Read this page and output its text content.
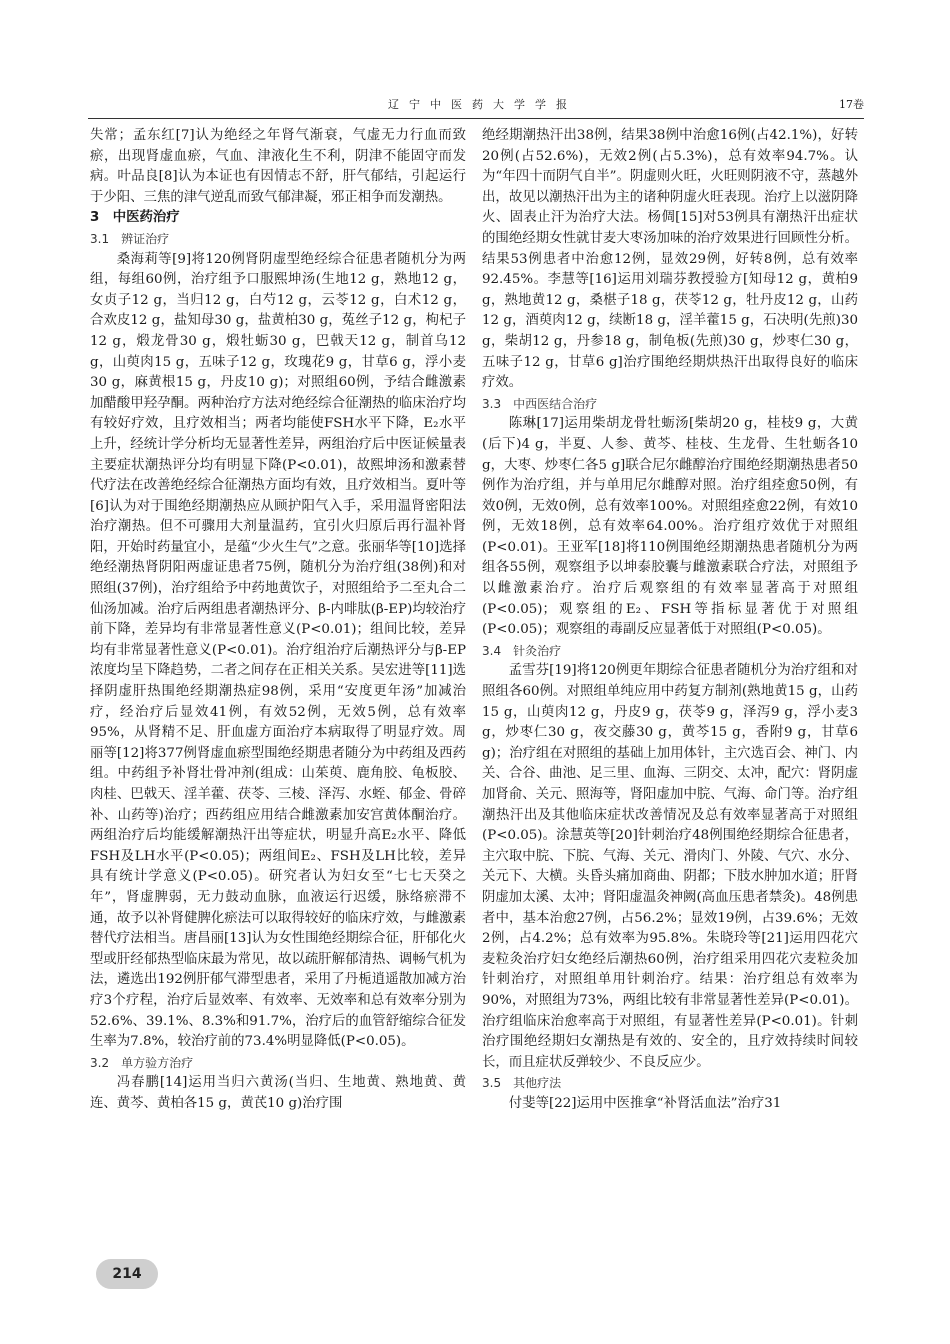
辽宁中医药大学学报	17卷

失常；孟东红[7]认为绝经之年肾气渐衰，气虚无力行血而致瘀，出现肾虚血瘀，气血、津液化生不利，阴津不能固守而发病。叶品良[8]认为本证也有因情志不舒，肝气郁结，引起运行于少阳、三焦的津气逆乱而致气郁津凝，邪正相争而发潮热。

3　中医药治疗

3.1　辨证治疗

桑海莉等[9]将120例肾阴虚型绝经综合征患者随机分为两组，每组60例，治疗组予口服熙坤汤(生地12 g，熟地12 g，女贞子12 g，当归12 g，白芍12 g，云苓12 g，白术12 g，合欢皮12 g，盐知母30 g，盐黄柏30 g，菟丝子12 g，枸杞子12 g，煅龙骨30 g，煅牡蛎30 g，巴戟天12 g，制首乌12 g，山萸肉15 g，五味子12 g，玫瑰花9 g，甘草6 g，浮小麦30 g，麻黄根15 g，丹皮10 g)；对照组60例，予结合雌激素加醋酸甲羟孕酮。两种治疗方法对绝经综合征潮热的临床治疗均有较好疗效，且疗效相当；两者均能使FSH水平下降，E₂水平上升，经统计学分析均无显著性差异，两组治疗后中医证候量表主要症状潮热评分均有明显下降(P<0.01)，故熙坤汤和激素替代疗法在改善绝经综合征潮热方面均有效，且疗效相当。夏叶等[6]认为对于围绝经期潮热应从顾护阳气入手，采用温肾密阳法治疗潮热。但不可骤用大剂量温药，宜引火归原后再行温补肾阳，开始时药量宜小，是蕴“少火生气”之意。张丽华等[10]选择绝经潮热肾阴阳两虚证患者75例，随机分为治疗组(38例)和对照组(37例)，治疗组给予中药地黄饮子，对照组给予二至丸合二仙汤加减。治疗后两组患者潮热评分、β-内啡肽(β-EP)均较治疗前下降，差异均有非常显著性意义(P<0.01)；组间比较，差异均有非常显著性意义(P<0.01)。治疗组治疗后潮热评分与β-EP浓度均呈下降趋势，二者之间存在正相关关系。吴宏进等[11]选择阴虚肝热围绝经期潮热症98例，采用“安度更年汤”加减治疗，经治疗后显效41例，有效52例，无效5例，总有效率95%，从肾精不足、肝血虚方面治疗本病取得了明显疗效。周丽等[12]将377例肾虚血瘀型围绝经期患者随分为中药组及西药组。中药组予补肾壮骨冲剂(组成：山茱萸、鹿角胶、龟板胶、肉桂、巴戟天、淫羊藿、茯苓、三棱、泽泻、水蛭、郁金、骨碎补、山药等)治疗；西药组应用结合雌激素加安宫黄体酮治疗。两组治疗后均能缓解潮热汗出等症状，明显升高E₂水平、降低FSH及LH水平(P<0.05)；两组间E₂、FSH及LH比较，差异具有统计学意义(P<0.05)。研究者认为妇女至“七七天癸之年”，肾虚脾弱，无力鼓动血脉，血液运行迟缓，脉络瘀滞不通，故予以补肾健脾化瘀法可以取得较好的临床疗效，与雌激素替代疗法相当。唐昌丽[13]认为女性围绝经期综合征，肝郁化火型或肝经郁热型临床最为常见，故以疏肝解郁清热、调畅气机为法，遴选出192例肝郁气滞型患者，采用了丹栀逍遥散加减方治疗3个疗程，治疗后显效率、有效率、无效率和总有效率分别为52.6%、39.1%、8.3%和91.7%，治疗后的血管舒缩综合征发生率为7.8%，较治疗前的73.4%明显降低(P<0.05)。

3.2　单方验方治疗

冯春鹏[14]运用当归六黄汤(当归、生地黄、熟地黄、黄连、黄芩、黄柏各15 g，黄芪10 g)治疗围

绝经期潮热汗出38例，结果38例中治愈16例(占42.1%)，好转20例(占52.6%)，无效2例(占5.3%)，总有效率94.7%。认为“年四十而阴气自半”。阴虚则火旺，火旺则阴液不守，蒸越外出，故见以潮热汗出为主的诸种阴虚火旺表现。治疗上以滋阴降火、固表止汗为治疗大法。杨倜[15]对53例具有潮热汗出症状的围绝经期女性就甘麦大枣汤加味的治疗效果进行回顾性分析。结果53例患者中治愈12例，显效29例，好转8例，总有效率92.45%。李慧等[16]运用刘瑞芬教授验方[知母12 g，黄柏9 g，熟地黄12 g，桑椹子18 g，茯苓12 g，牡丹皮12 g，山药12 g，酒萸肉12 g，续断18 g，淫羊藿15 g，石决明(先煎)30 g，柴胡12 g，丹参18 g，制龟板(先煎)30 g，炒枣仁30 g，五味子12 g，甘草6 g]治疗围绝经期烘热汗出取得良好的临床疗效。

3.3　中西医结合治疗

陈琳[17]运用柴胡龙骨牡蛎汤[柴胡20 g，桂枝9 g，大黄(后下)4 g，半夏、人参、黄芩、桂枝、生龙骨、生牡蛎各10 g，大枣、炒枣仁各5 g]联合尼尔雌醇治疗围绝经期潮热患者50例作为治疗组，并与单用尼尔雌醇对照。治疗组痊愈50例，有效0例，无效0例，总有效率100%。对照组痊愈22例，有效10例，无效18例，总有效率64.00%。治疗组疗效优于对照组(P<0.01)。王亚军[18]将110例围绝经期潮热患者随机分为两组各55例，观察组予以坤泰胶囊与雌激素联合疗法，对照组予以雌激素治疗。治疗后观察组的有效率显著高于对照组(P<0.05)；观察组的E₂、FSH等指标显著优于对照组(P<0.05)；观察组的毒副反应显著低于对照组(P<0.05)。

3.4　针灸治疗

孟雪芬[19]将120例更年期综合征患者随机分为治疗组和对照组各60例。对照组单纯应用中药复方制剂(熟地黄15 g，山药15 g，山萸肉12 g，丹皮9 g，茯苓9 g，泽泻9 g，浮小麦3 g，炒枣仁30 g，夜交藤30 g，黄芩15 g，香附9 g，甘草6 g)；治疗组在对照组的基础上加用体针，主穴选百会、神门、内关、合谷、曲池、足三里、血海、三阴交、太冲，配穴：肾阴虚加肾俞、关元、照海等，肾阳虚加中脘、气海、命门等。治疗组潮热汗出及其他临床症状改善情况及总有效率显著高于对照组(P<0.05)。涂慧英等[20]针刺治疗48例围绝经期综合征患者，主穴取中脘、下脘、气海、关元、滑肉门、外陵、气穴、水分、关元下、大横。头昏头痛加商曲、阴都；下肢水肿加水道；肝肾阴虚加太溪、太冲；肾阳虚温灸神阙(高血压患者禁灸)。48例患者中，基本治愈27例，占56.2%；显效19例，占39.6%；无效2例，占4.2%；总有效率为95.8%。朱晓玲等[21]运用四花穴麦粒灸治疗妇女绝经后潮热60例，治疗组采用四花穴麦粒灸加针刺治疗，对照组单用针刺治疗。结果：治疗组总有效率为90%，对照组为73%，两组比较有非常显著性差异(P<0.01)。治疗组临床治愈率高于对照组，有显著性差异(P<0.01)。针刺治疗围绝经期妇女潮热是有效的、安全的，且疗效持续时间较长，而且症状反弹较少、不良反应少。

3.5　其他疗法

付斐等[22]运用中医推拿“补肾活血法”治疗31

214
